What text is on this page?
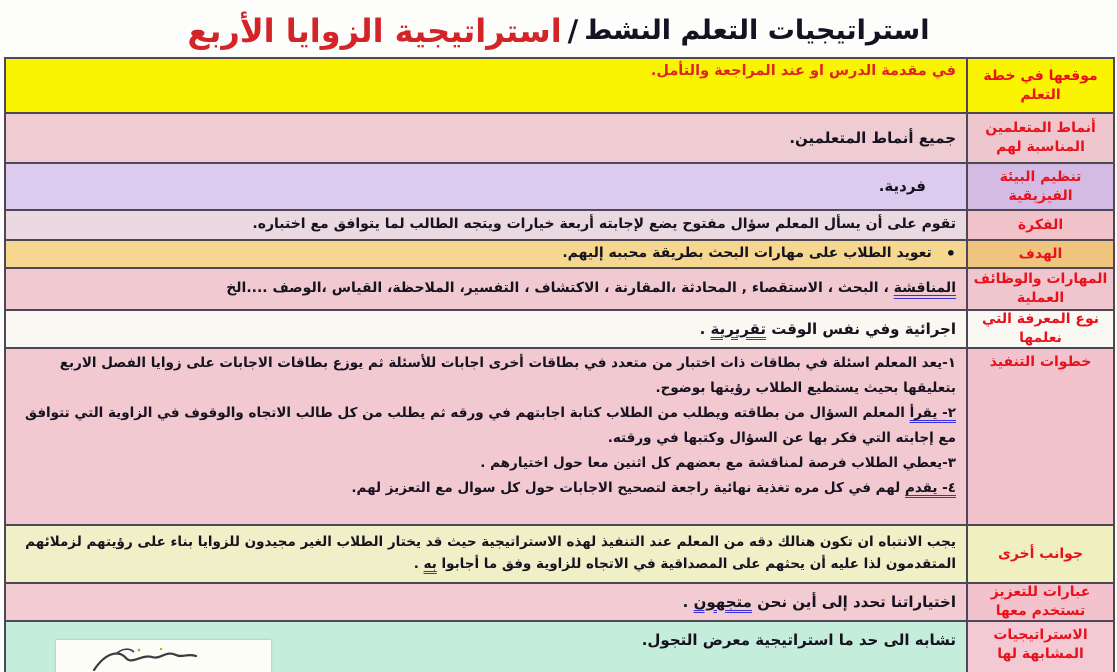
استراتيجيات التعلم النشط
/
استراتيجية الزوايا الأربع
موقعها في خطة التعلم
في مقدمة الدرس او عند المراجعة والتأمل.
أنماط المتعلمين المناسبة لهم
جميع أنماط المتعلمين.
تنظيم البيئة الفيزيقية
فردية.
الفكرة
تقوم على أن يسأل المعلم سؤال مفتوح يضع لإجابته أربعة خيارات ويتجه الطالب لما يتوافق مع اختباره.
الهدف
•
تعويد الطلاب على مهارات البحث بطريقة محببه إليهم.
المهارات والوظائف العملية
المناقشة ، البحث ، الاستقصاء , المحادثة ،المقارنة ، الاكتشاف ، التفسير، الملاحظة، القياس ،الوصف ....الخ
نوع المعرفة التي نعلمها
اجرائية وفي نفس الوقت تقريرية .
خطوات التنفيذ
١-يعد المعلم اسئلة في بطاقات ذات اختبار من متعدد في بطاقات أخرى اجابات للأسئلة ثم يوزع بطاقات الاجابات على زوايا الفصل الاربع بتعليقها بحيث يستطيع الطلاب رؤيتها بوضوح.
٢- يقرأ المعلم السؤال من بطاقته ويطلب من الطلاب كتابة اجابتهم في ورقه ثم يطلب من كل طالب الاتجاه والوقوف في الزاوية التي تتوافق مع إجابته التي فكر بها عن السؤال وكتبها في ورقته.
٣-يعطي الطلاب فرصة لمناقشة مع بعضهم كل اثنين معا حول اختيارهم .
٤- يقدم لهم في كل مره تغذية نهائية راجعة لتصحيح الاجابات حول كل سوال مع التعزيز لهم.
جوانب أخرى
يجب الانتباه ان تكون هنالك دقه من المعلم عند التنفيذ لهذه الاستراتيجية حيث قد يختار الطلاب الغير مجيدون للزوايا بناء على رؤيتهم لزملائهم المتقدمون لذا عليه أن يحثهم على المصداقية في الاتجاه للزاوية وفق ما أجابوا به .
عبارات للتعزيز تستخدم معها
اختياراتنا تحدد إلى أين نحن متجهون .
الاستراتيجيات المشابهة لها
تشابه الى حد ما استراتيجية معرض التجول.
